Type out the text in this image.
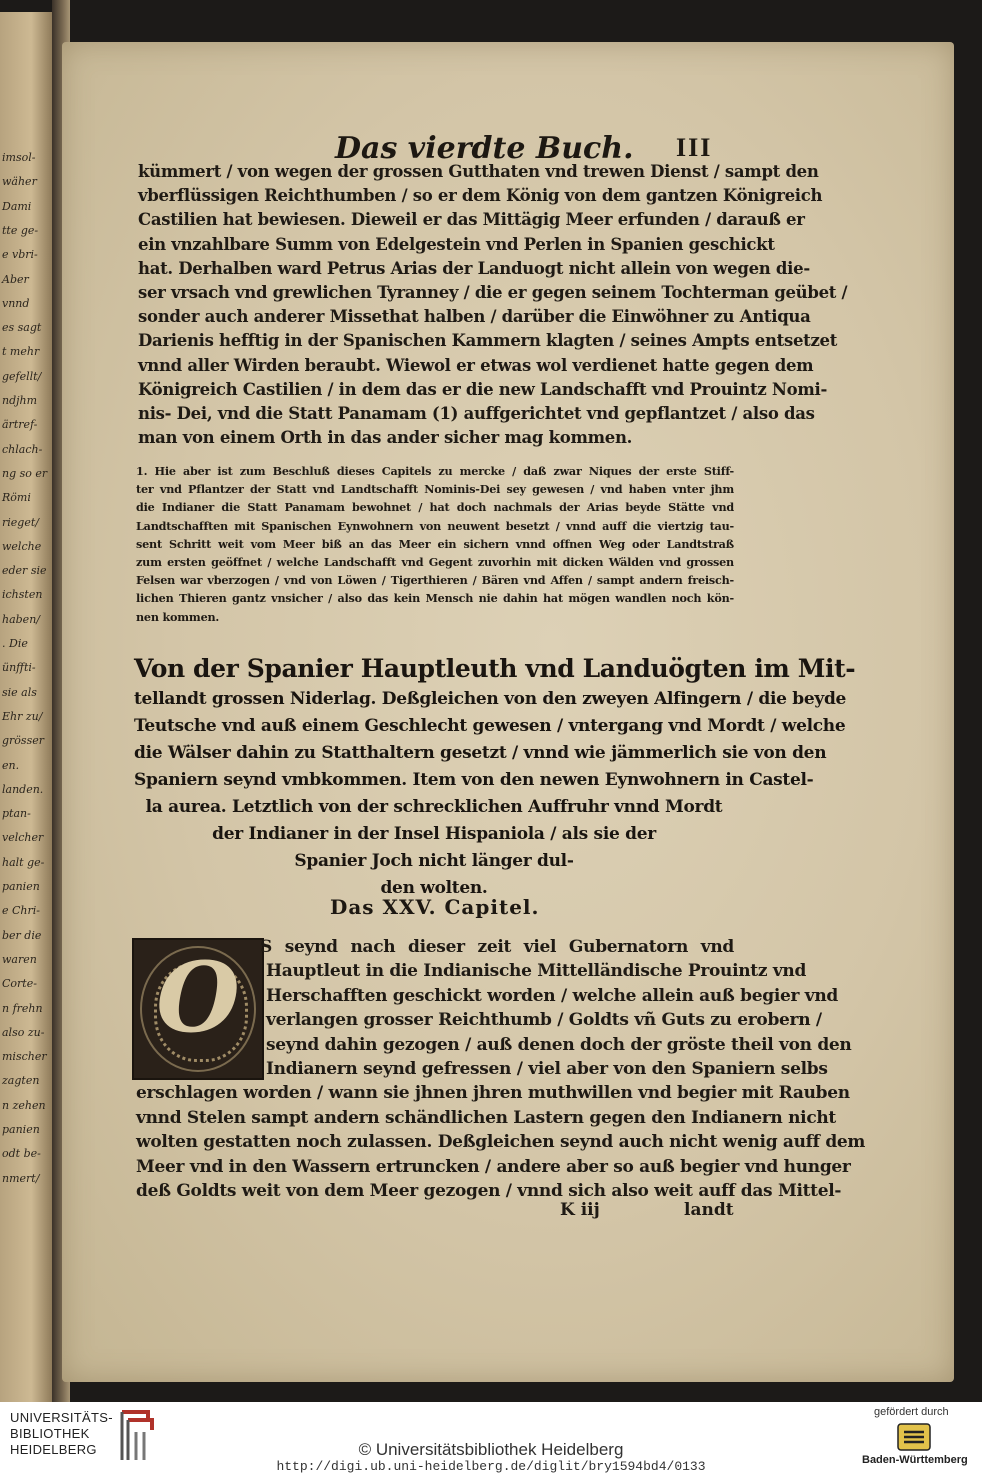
imsol-
wäher
Dami
tte ge-
e vbri-
Aber
vnnd
es sagt
t mehr
gefellt/
ndjhm
ärtref-
chlach-
ng so er
Römi
rieget/
welche
eder sie
ichsten
haben/
. Die
ünffti-
sie als
Ehr zu/
grösser
en.
landen.
ptan-
velcher
halt ge-
panien
e Chri-
ber die
waren
Corte-
n frehn
also zu-
mischer
zagten
n zehen
panien
odt be-
nmert/
Das vierdte Buch. III
kümmert / von wegen der grossen Gutthaten vnd trewen Dienst / sampt den
vberflüssigen Reichthumben / so er dem König von dem gantzen Königreich
Castilien hat bewiesen. Dieweil er das Mittägig Meer erfunden / darauß er
ein vnzahlbare Summ von Edelgestein vnd Perlen in Spanien geschickt
hat. Derhalben ward Petrus Arias der Landuogt nicht allein von wegen die-
ser vrsach vnd grewlichen Tyranney / die er gegen seinem Tochterman geübet /
sonder auch anderer Missethat halben / darüber die Einwöhner zu Antiqua
Darienis hefftig in der Spanischen Kammern klagten / seines Ampts entsetzet
vnnd aller Wirden beraubt. Wiewol er etwas wol verdienet hatte gegen dem
Königreich Castilien / in dem das er die new Landschafft vnd Prouintz Nomi-
nis- Dei, vnd die Statt Panamam (1) auffgerichtet vnd gepflantzet / also das
man von einem Orth in das ander sicher mag kommen.
1. Hie aber ist zum Beschluß dieses Capitels zu mercke / daß zwar Niques der erste Stiff-
ter vnd Pflantzer der Statt vnd Landtschafft Nominis-Dei sey gewesen / vnd haben vnter jhm
die Indianer die Statt Panamam bewohnet / hat doch nachmals der Arias beyde Stätte vnd
Landtschafften mit Spanischen Eynwohnern von neuwent besetzt / vnnd auff die viertzig tau-
sent Schritt weit vom Meer biß an das Meer ein sichern vnnd offnen Weg oder Landtstraß
zum ersten geöffnet / welche Landschafft vnd Gegent zuvorhin mit dicken Wälden vnd grossen
Felsen war vberzogen / vnd von Löwen / Tigerthieren / Bären vnd Affen / sampt andern freisch-
lichen Thieren gantz vnsicher / also das kein Mensch nie dahin hat mögen wandlen noch kön-
nen kommen.
Von der Spanier Hauptleuth vnd Landuögten im Mit-
tellandt grossen Niderlag. Deßgleichen von den zweyen Alfingern / die beyde
Teutsche vnd auß einem Geschlecht gewesen / vntergang vnd Mordt / welche
die Wälser dahin zu Statthaltern gesetzt / vnnd wie jämmerlich sie von den
Spaniern seynd vmbkommen. Item von den newen Eynwohnern in Castel-
la aurea. Letztlich von der schrecklichen Auffruhr vnnd Mordt
der Indianer in der Insel Hispaniola / als sie der
Spanier Joch nicht länger dul-
den wolten.
Das XXV. Capitel.
O	S seynd nach dieser zeit viel Gubernatorn vnd
Hauptleut in die Indianische Mittelländische Prouintz vnd
Herschafften geschickt worden / welche allein auß begier vnd
verlangen grosser Reichthumb / Goldts vñ Guts zu erobern /
seynd dahin gezogen / auß denen doch der gröste theil von den
Indianern seynd gefressen / viel aber von den Spaniern selbs
erschlagen worden / wann sie jhnen jhren muthwillen vnd begier mit Rauben
vnnd Stelen sampt andern schändlichen Lastern gegen den Indianern nicht
wolten gestatten noch zulassen. Deßgleichen seynd auch nicht wenig auff dem
Meer vnd in den Wassern ertruncken / andere aber so auß begier vnd hunger
deß Goldts weit von dem Meer gezogen / vnnd sich also weit auff das Mittel-
K iij	landt
UNIVERSITÄTS-
BIBLIOTHEK
HEIDELBERG	© Universitätsbibliothek Heidelberg
http://digi.ub.uni-heidelberg.de/diglit/bry1594bd4/0133
gefördert durch
Baden-Württemberg
